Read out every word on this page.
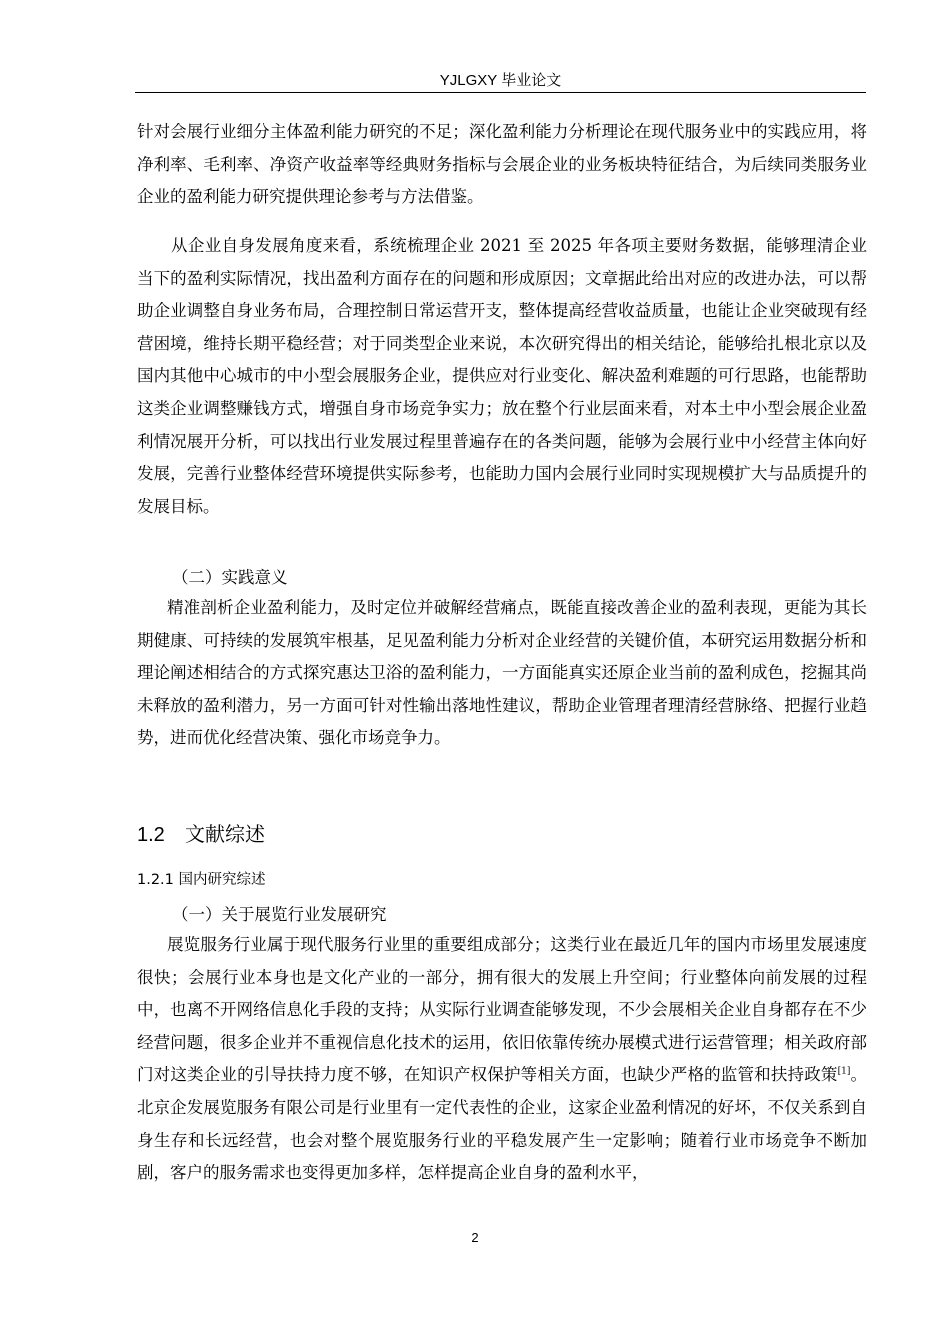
YJLGXY 毕业论文
针对会展行业细分主体盈利能力研究的不足；深化盈利能力分析理论在现代服务业中的实践应用，将净利率、毛利率、净资产收益率等经典财务指标与会展企业的业务板块特征结合，为后续同类服务业企业的盈利能力研究提供理论参考与方法借鉴。
从企业自身发展角度来看，系统梳理企业 2021 至 2025 年各项主要财务数据，能够理清企业当下的盈利实际情况，找出盈利方面存在的问题和形成原因；文章据此给出对应的改进办法，可以帮助企业调整自身业务布局，合理控制日常运营开支，整体提高经营收益质量，也能让企业突破现有经营困境，维持长期平稳经营；对于同类型企业来说，本次研究得出的相关结论，能够给扎根北京以及国内其他中心城市的中小型会展服务企业，提供应对行业变化、解决盈利难题的可行思路，也能帮助这类企业调整赚钱方式，增强自身市场竞争实力；放在整个行业层面来看，对本土中小型会展企业盈利情况展开分析，可以找出行业发展过程里普遍存在的各类问题，能够为会展行业中小经营主体向好发展，完善行业整体经营环境提供实际参考，也能助力国内会展行业同时实现规模扩大与品质提升的发展目标。
（二）实践意义
精准剖析企业盈利能力，及时定位并破解经营痛点，既能直接改善企业的盈利表现，更能为其长期健康、可持续的发展筑牢根基，足见盈利能力分析对企业经营的关键价值，本研究运用数据分析和理论阐述相结合的方式探究惠达卫浴的盈利能力，一方面能真实还原企业当前的盈利成色，挖掘其尚未释放的盈利潜力，另一方面可针对性输出落地性建议，帮助企业管理者理清经营脉络、把握行业趋势，进而优化经营决策、强化市场竞争力。
1.2 文献综述
1.2.1 国内研究综述
（一）关于展览行业发展研究
展览服务行业属于现代服务行业里的重要组成部分；这类行业在最近几年的国内市场里发展速度很快；会展行业本身也是文化产业的一部分，拥有很大的发展上升空间；行业整体向前发展的过程中，也离不开网络信息化手段的支持；从实际行业调查能够发现，不少会展相关企业自身都存在不少经营问题，很多企业并不重视信息化技术的运用，依旧依靠传统办展模式进行运营管理；相关政府部门对这类企业的引导扶持力度不够，在知识产权保护等相关方面，也缺少严格的监管和扶持政策[1]。北京企发展览服务有限公司是行业里有一定代表性的企业，这家企业盈利情况的好坏，不仅关系到自身生存和长远经营，也会对整个展览服务行业的平稳发展产生一定影响；随着行业市场竞争不断加剧，客户的服务需求也变得更加多样，怎样提高企业自身的盈利水平，
2
